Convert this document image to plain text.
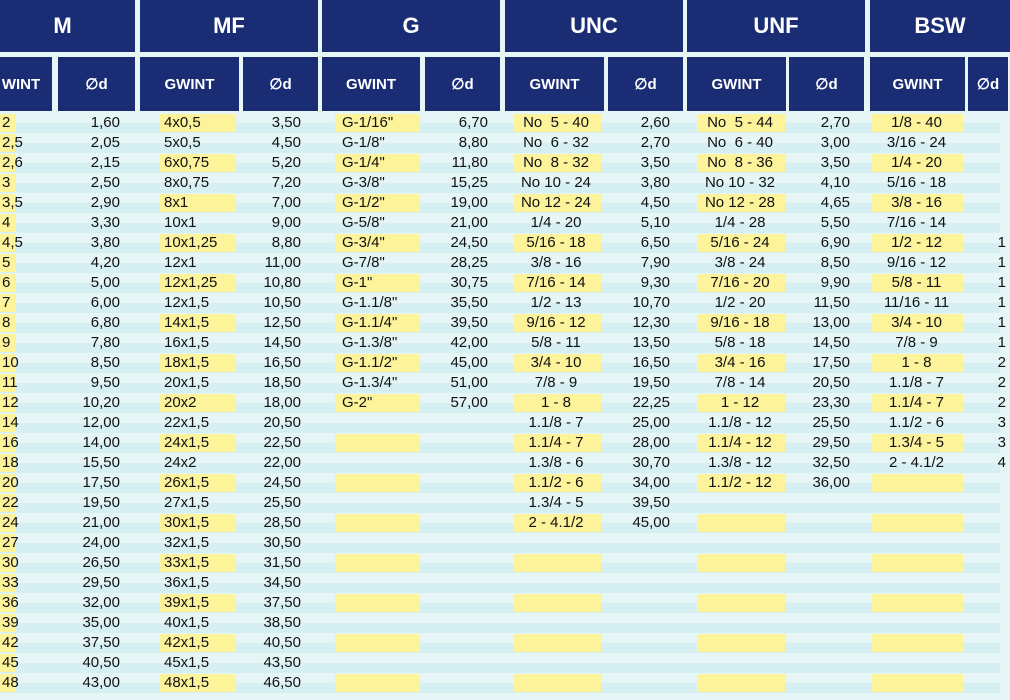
M
WINT	∅d
2	1,60
2,5	2,05
2,6	2,15
3	2,50
3,5	2,90
4	3,30
4,5	3,80
5	4,20
6	5,00
7	6,00
8	6,80
9	7,80
10	8,50
11	9,50
12	10,20
14	12,00
16	14,00
18	15,50
20	17,50
22	19,50
24	21,00
27	24,00
30	26,50
33	29,50
36	32,00
39	35,00
42	37,50
45	40,50
48	43,00
MF
GWINT	∅d
4x0,5	3,50
5x0,5	4,50
6x0,75	5,20
8x0,75	7,20
8x1	7,00
10x1	9,00
10x1,25	8,80
12x1	11,00
12x1,25	10,80
12x1,5	10,50
14x1,5	12,50
16x1,5	14,50
18x1,5	16,50
20x1,5	18,50
20x2	18,00
22x1,5	20,50
24x1,5	22,50
24x2	22,00
26x1,5	24,50
27x1,5	25,50
30x1,5	28,50
32x1,5	30,50
33x1,5	31,50
36x1,5	34,50
39x1,5	37,50
40x1,5	38,50
42x1,5	40,50
45x1,5	43,50
48x1,5	46,50
G
GWINT	∅d
G-1/16"	6,70
G-1/8"	8,80
G-1/4"	11,80
G-3/8"	15,25
G-1/2"	19,00
G-5/8"	21,00
G-3/4"	24,50
G-7/8"	28,25
G-1"	30,75
G-1.1/8"	35,50
G-1.1/4"	39,50
G-1.3/8"	42,00
G-1.1/2"	45,00
G-1.3/4"	51,00
G-2"	57,00
UNC
GWINT	∅d
No  5 - 40	2,60
No  6 - 32	2,70
No  8 - 32	3,50
No 10 - 24	3,80
No 12 - 24	4,50
1/4 - 20	5,10
5/16 - 18	6,50
3/8 - 16	7,90
7/16 - 14	9,30
1/2 - 13	10,70
9/16 - 12	12,30
5/8 - 11	13,50
3/4 - 10	16,50
7/8 - 9	19,50
1 - 8	22,25
1.1/8 - 7	25,00
1.1/4 - 7	28,00
1.3/8 - 6	30,70
1.1/2 - 6	34,00
1.3/4 - 5	39,50
2 - 4.1/2	45,00
UNF
GWINT	∅d
No  5 - 44	2,70
No  6 - 40	3,00
No  8 - 36	3,50
No 10 - 32	4,10
No 12 - 28	4,65
1/4 - 28	5,50
5/16 - 24	6,90
3/8 - 24	8,50
7/16 - 20	9,90
1/2 - 20	11,50
9/16 - 18	13,00
5/8 - 18	14,50
3/4 - 16	17,50
7/8 - 14	20,50
1 - 12	23,30
1.1/8 - 12	25,50
1.1/4 - 12	29,50
1.3/8 - 12	32,50
1.1/2 - 12	36,00
BSW
GWINT	∅d
1/8 - 40
3/16 - 24
1/4 - 20
5/16 - 18
3/8 - 16
7/16 - 14
1/2 - 12	1
9/16 - 12	1
5/8 - 11	1
11/16 - 11	1
3/4 - 10	1
7/8 - 9	1
1 - 8	2
1.1/8 - 7	2
1.1/4 - 7	2
1.1/2 - 6	3
1.3/4 - 5	3
2 - 4.1/2	4
